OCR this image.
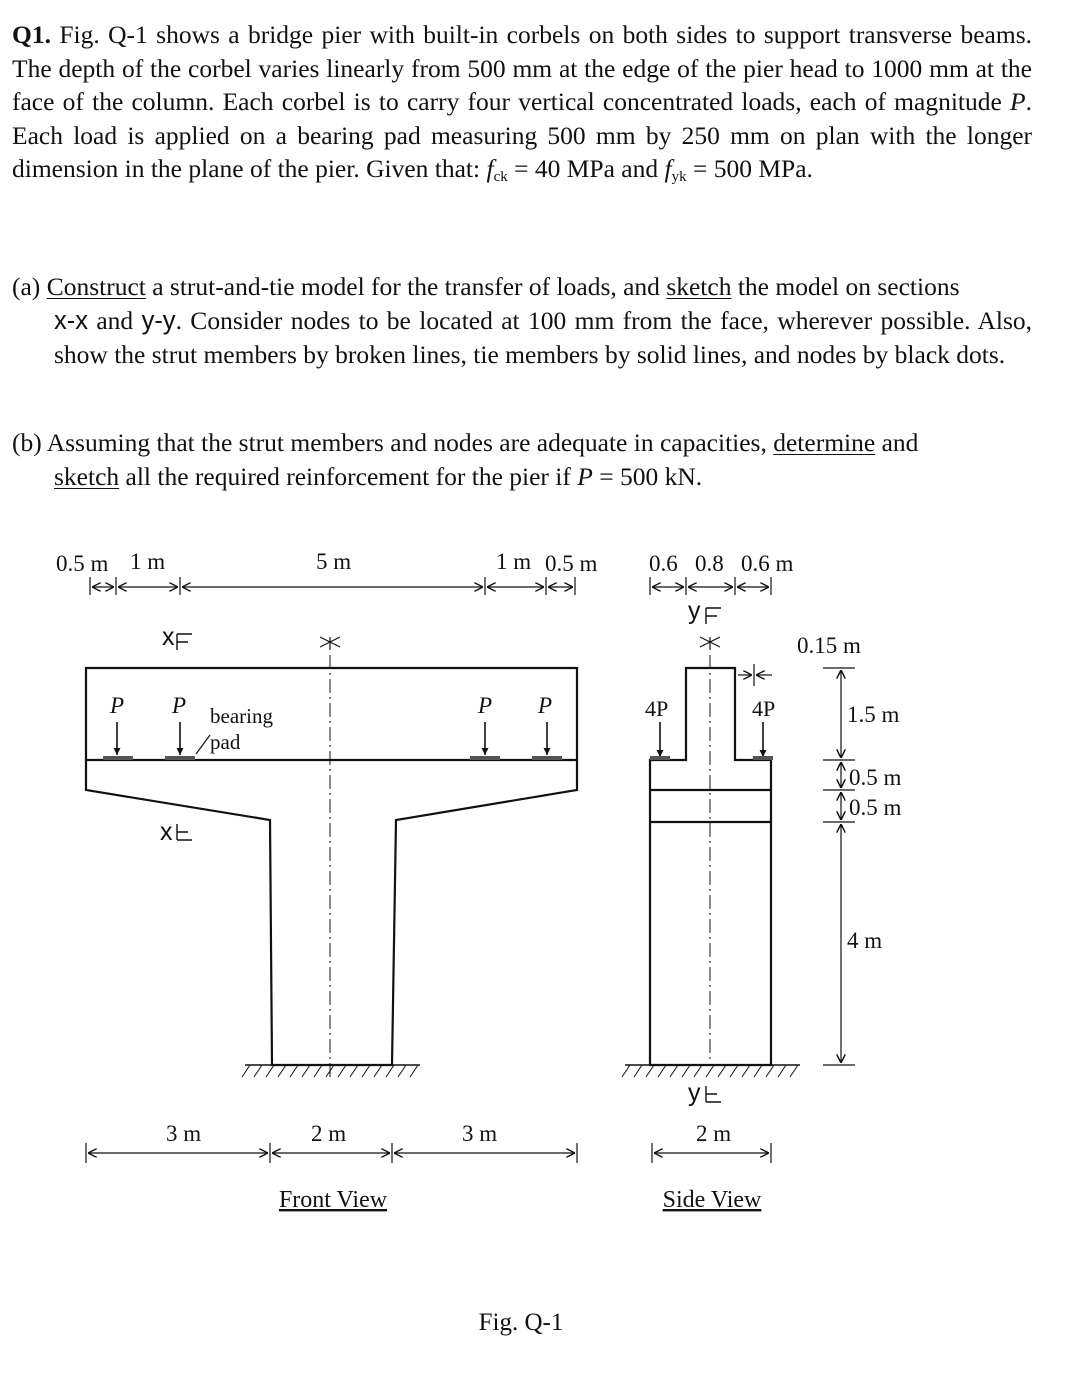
Q1. Fig. Q-1 shows a bridge pier with built-in corbels on both sides to support transverse beams. The depth of the corbel varies linearly from 500 mm at the edge of the pier head to 1000 mm at the face of the column. Each corbel is to carry four vertical concentrated loads, each of magnitude P. Each load is applied on a bearing pad measuring 500 mm by 250 mm on plan with the longer dimension in the plane of the pier. Given that: $f_{ck} = 40$ MPa and $f_{yk} = 500$ MPa.
(a) Construct a strut-and-tie model for the transfer of loads, and sketch the model on sections
x-x and y-y. Consider nodes to be located at 100 mm from the face, wherever possible. Also, show the strut members by broken lines, tie members by solid lines, and nodes by black dots.
(b) Assuming that the strut members and nodes are adequate in capacities, determine and
sketch all the required reinforcement for the pier if P = 500 kN.
0.5 m 1 m	5 m	1 m 0.5 m
x
x
P P	P P
bearing
pad
3 m	2 m	3 m
Front View
0.6 0.8 0.6 m
y
y
4P	4P
0.15 m
1.5 m
0.5 m
0.5 m
4 m
2 m
Side View
Fig. Q-1
